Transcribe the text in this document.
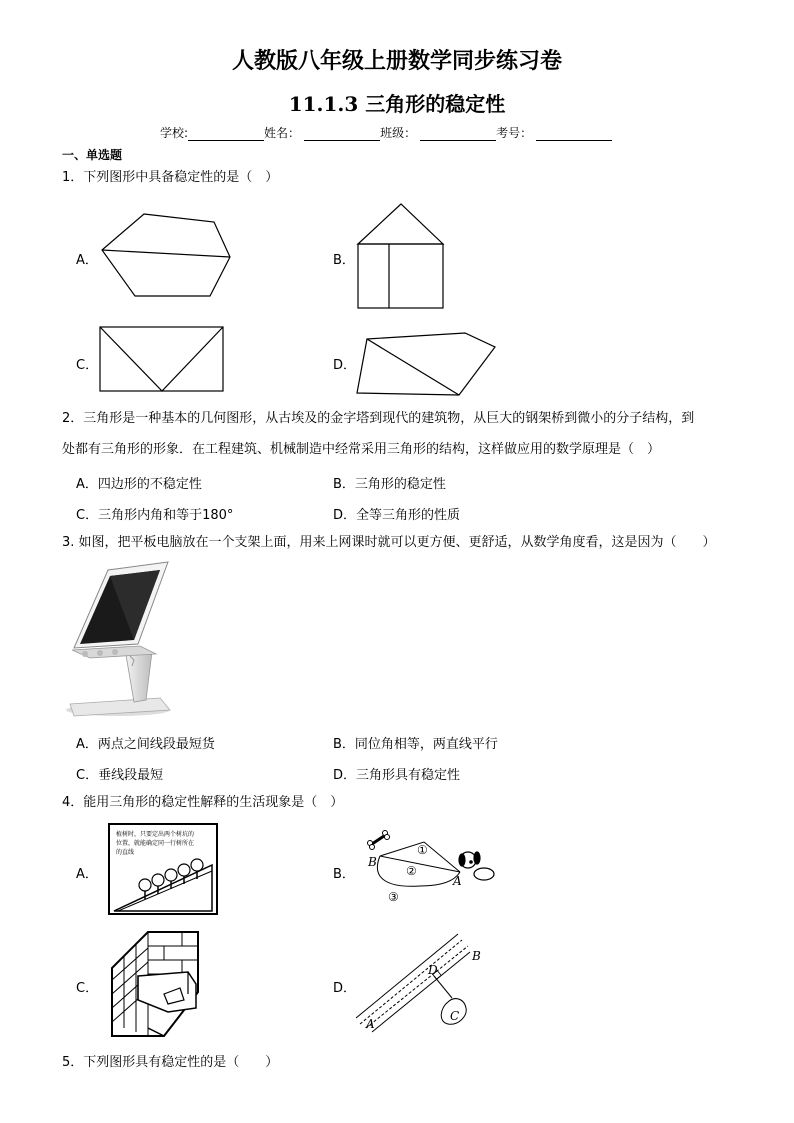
人教版八年级上册数学同步练习卷
11.1.3 三角形的稳定性
学校:	姓名：	班级：	考号：
一、单选题
1．下列图形中具备稳定性的是（　）
A．	B．
C．	D．
2．三角形是一种基本的几何图形，从古埃及的金字塔到现代的建筑物，从巨大的钢架桥到微小的分子结构，到
处都有三角形的形象．在工程建筑、机械制造中经常采用三角形的结构，这样做应用的数学原理是（　）
A．四边形的不稳定性	B．三角形的稳定性
C．三角形内角和等于180°	D．全等三角形的性质
3. 如图，把平板电脑放在一个支架上面，用来上网课时就可以更方便、更舒适，从数学角度看，这是因为（　　）
A．两点之间线段最短货	B．同位角相等，两直线平行
C．垂线段最短	D．三角形具有稳定性
4．能用三角形的稳定性解释的生活现象是（　）
A．
植树时，只要定出两个树坑的
位置，就能确定同一行树所在
的直线
B．
B
A
①
②
③
C．	D．
D
B
C
A
5．下列图形具有稳定性的是（　　）
